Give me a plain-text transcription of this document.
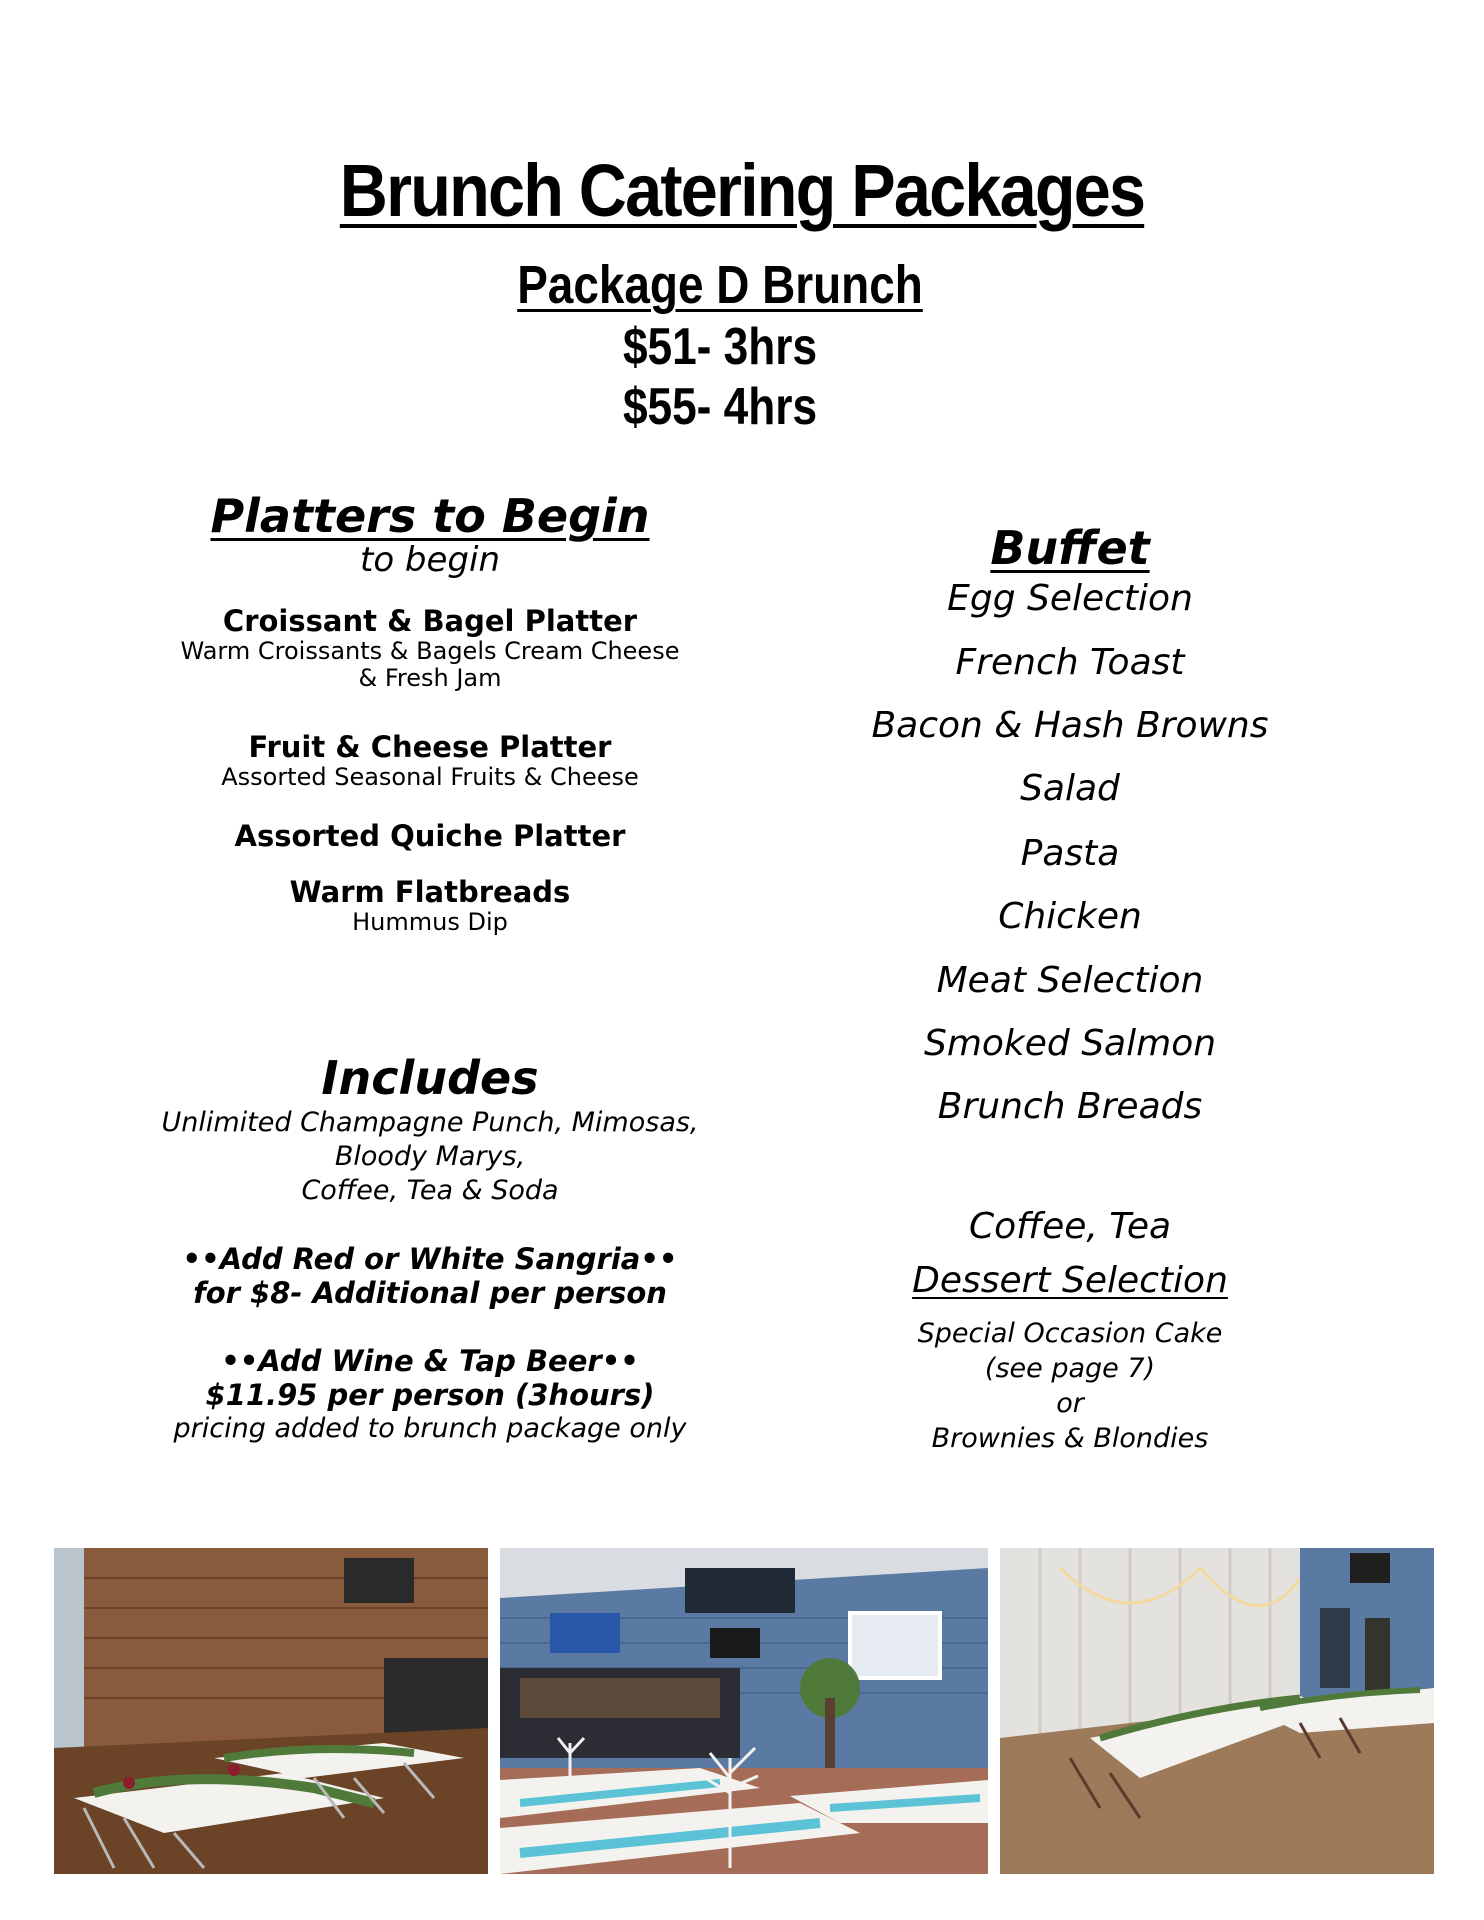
Brunch Catering Packages
Package D Brunch
$51- 3hrs
$55- 4hrs
Platters to Begin
to begin
Croissant & Bagel Platter
Warm Croissants & Bagels Cream Cheese
& Fresh Jam
Fruit & Cheese Platter
Assorted Seasonal Fruits & Cheese
Assorted Quiche Platter
Warm Flatbreads
Hummus Dip
Includes
Unlimited Champagne Punch, Mimosas,
Bloody Marys,
Coffee, Tea & Soda
••Add Red or White Sangria••
for $8- Additional per person
••Add Wine & Tap Beer••
$11.95 per person (3hours)
pricing added to brunch package only
Buffet
Egg Selection
French Toast
Bacon & Hash Browns
Salad
Pasta
Chicken
Meat Selection
Smoked Salmon
Brunch Breads
Coffee, Tea
Dessert Selection
Special Occasion Cake
(see page 7)
or
Brownies & Blondies
